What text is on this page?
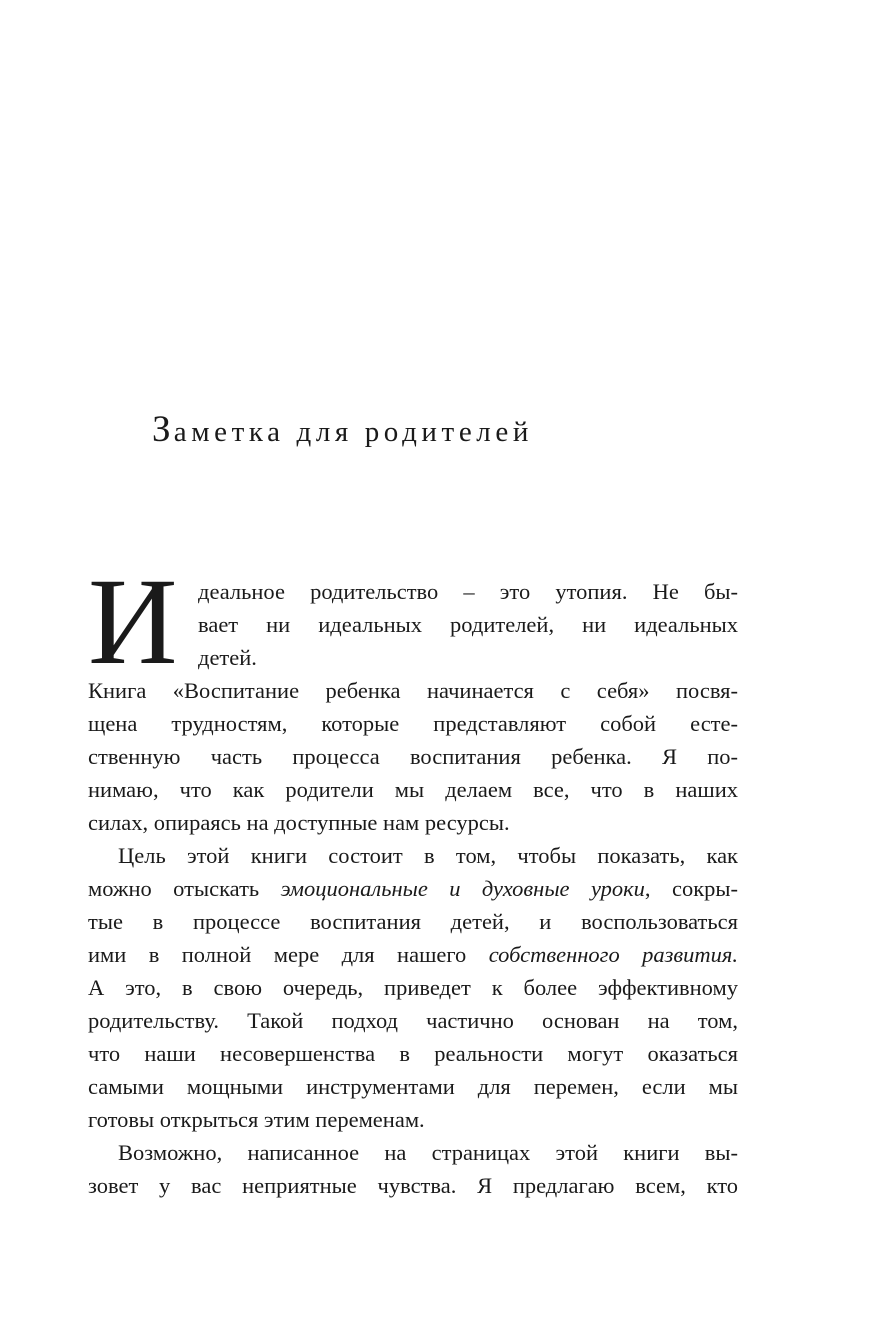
Заметка для родителей
И деальное родительство – это утопия. Не бы-
вает ни идеальных родителей, ни идеальных
детей.

Книга «Воспитание ребенка начинается с себя» посвя-
щена трудностям, которые представляют собой есте-
ственную часть процесса воспитания ребенка. Я по-
нимаю, что как родители мы делаем все, что в наших
силах, опираясь на доступные нам ресурсы.

Цель этой книги состоит в том, чтобы показать, как
можно отыскать эмоциональные и духовные уроки, сокры-
тые в процессе воспитания детей, и воспользоваться
ими в полной мере для нашего собственного развития.
А это, в свою очередь, приведет к более эффективному
родительству. Такой подход частично основан на том,
что наши несовершенства в реальности могут оказаться
самыми мощными инструментами для перемен, если мы
готовы открыться этим переменам.

Возможно, написанное на страницах этой книги вы-
зовет у вас неприятные чувства. Я предлагаю всем, кто
